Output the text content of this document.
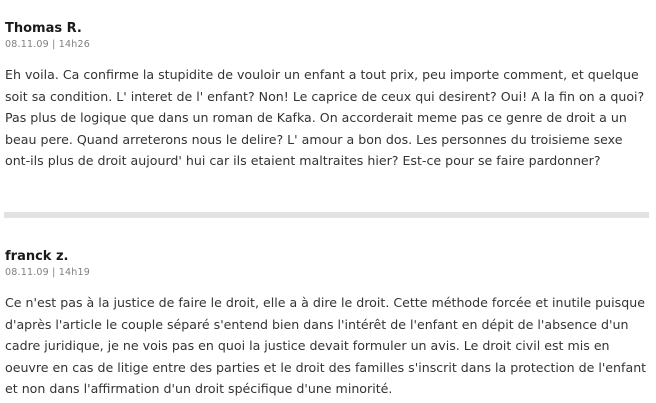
Thomas R.
08.11.09 | 14h26
Eh voila. Ca confirme la stupidite de vouloir un enfant a tout prix, peu importe comment, et quelque soit sa condition. L' interet de l' enfant? Non! Le caprice de ceux qui desirent? Oui! A la fin on a quoi? Pas plus de logique que dans un roman de Kafka. On accorderait meme pas ce genre de droit a un beau pere. Quand arreterons nous le delire? L' amour a bon dos. Les personnes du troisieme sexe ont-ils plus de droit aujourd' hui car ils etaient maltraites hier? Est-ce pour se faire pardonner?
franck z.
08.11.09 | 14h19
Ce n'est pas à la justice de faire le droit, elle a à dire le droit. Cette méthode forcée et inutile puisque d'après l'article le couple séparé s'entend bien dans l'intérêt de l'enfant en dépit de l'absence d'un cadre juridique, je ne vois pas en quoi la justice devait formuler un avis. Le droit civil est mis en oeuvre en cas de litige entre des parties et le droit des familles s'inscrit dans la protection de l'enfant et non dans l'affirmation d'un droit spécifique d'une minorité.
